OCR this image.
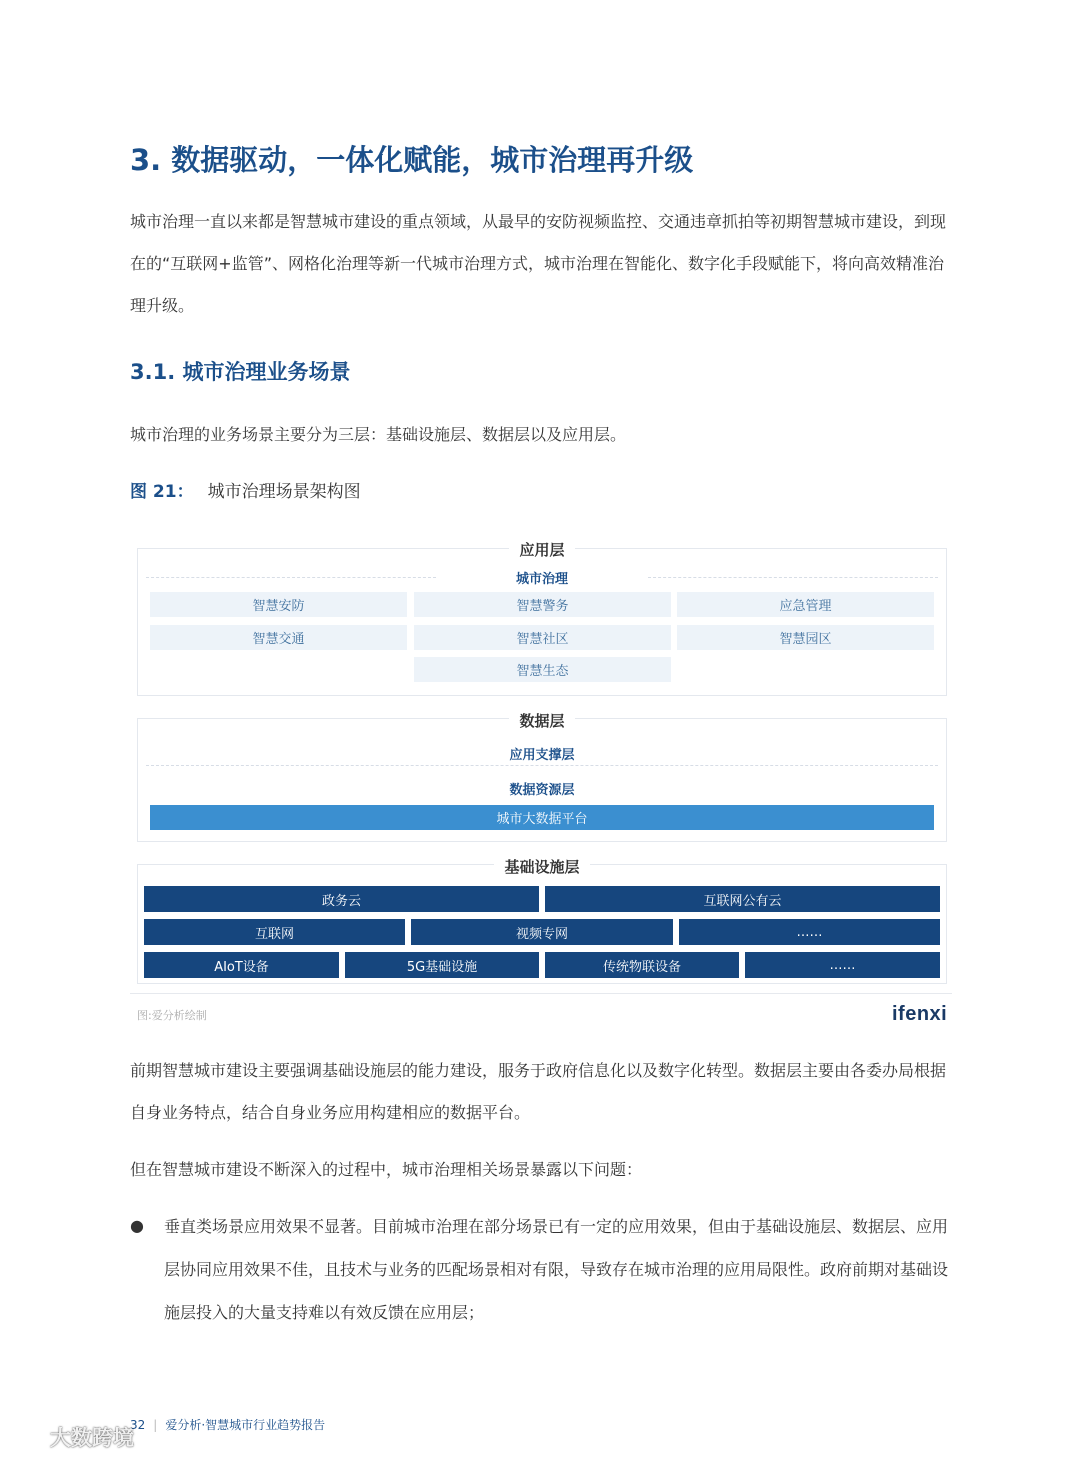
3. 数据驱动，一体化赋能，城市治理再升级
城市治理一直以来都是智慧城市建设的重点领域，从最早的安防视频监控、交通违章抓拍等初期智慧城市建设，到现在的“互联网+监管”、网格化治理等新一代城市治理方式，城市治理在智能化、数字化手段赋能下，将向高效精准治理升级。
3.1. 城市治理业务场景
城市治理的业务场景主要分为三层：基础设施层、数据层以及应用层。
图 21： 城市治理场景架构图
应用层
城市治理
智慧安防	智慧警务	应急管理
智慧交通	智慧社区	智慧园区
智慧生态
数据层
应用支撑层
数据资源层
城市大数据平台
基础设施层
政务云	互联网公有云
互联网	视频专网	……
AIoT设备	5G基础设施	传统物联设备	……
图:爱分析绘制	ifenxi
前期智慧城市建设主要强调基础设施层的能力建设，服务于政府信息化以及数字化转型。数据层主要由各委办局根据自身业务特点，结合自身业务应用构建相应的数据平台。
但在智慧城市建设不断深入的过程中，城市治理相关场景暴露以下问题：
● 垂直类场景应用效果不显著。目前城市治理在部分场景已有一定的应用效果，但由于基础设施层、数据层、应用层协同应用效果不佳，且技术与业务的匹配场景相对有限，导致存在城市治理的应用局限性。政府前期对基础设施层投入的大量支持难以有效反馈在应用层；
32 | 爱分析·智慧城市行业趋势报告
大数跨境
